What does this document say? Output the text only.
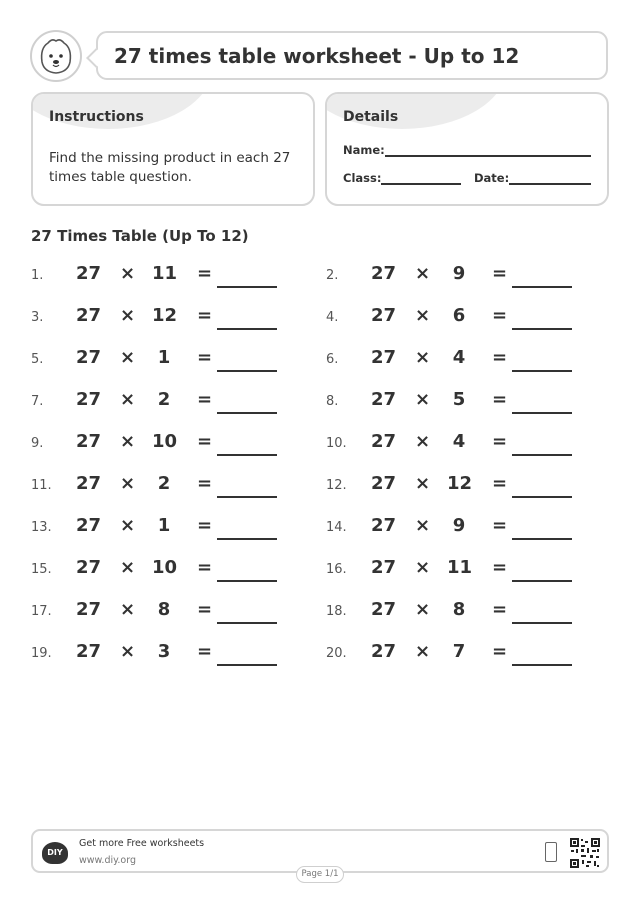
27 times table worksheet - Up to 12
Instructions

Find the missing product in each 27 times table question.

Details
Name:
Class:	Date:
27 Times Table (Up To 12)
1. 27 × 11 =
3. 27 × 12 =
5. 27 ×	1	=
7. 27 ×	2	=
9. 27 × 10 =
11. 27 ×	2	=
13. 27 ×	1	=
15. 27 × 10 =
17. 27 ×	8	=
19. 27 ×	3	=
2. 27 ×	9	=
4. 27 ×	6	=
6. 27 ×	4	=
8. 27 ×	5	=
10. 27 ×	4	=
12. 27 × 12 =
14. 27 ×	9	=
16. 27 × 11 =
18. 27 ×	8	=
20. 27 ×	7	=
DIY
Get more Free worksheets
www.diy.org
Page 1/1
